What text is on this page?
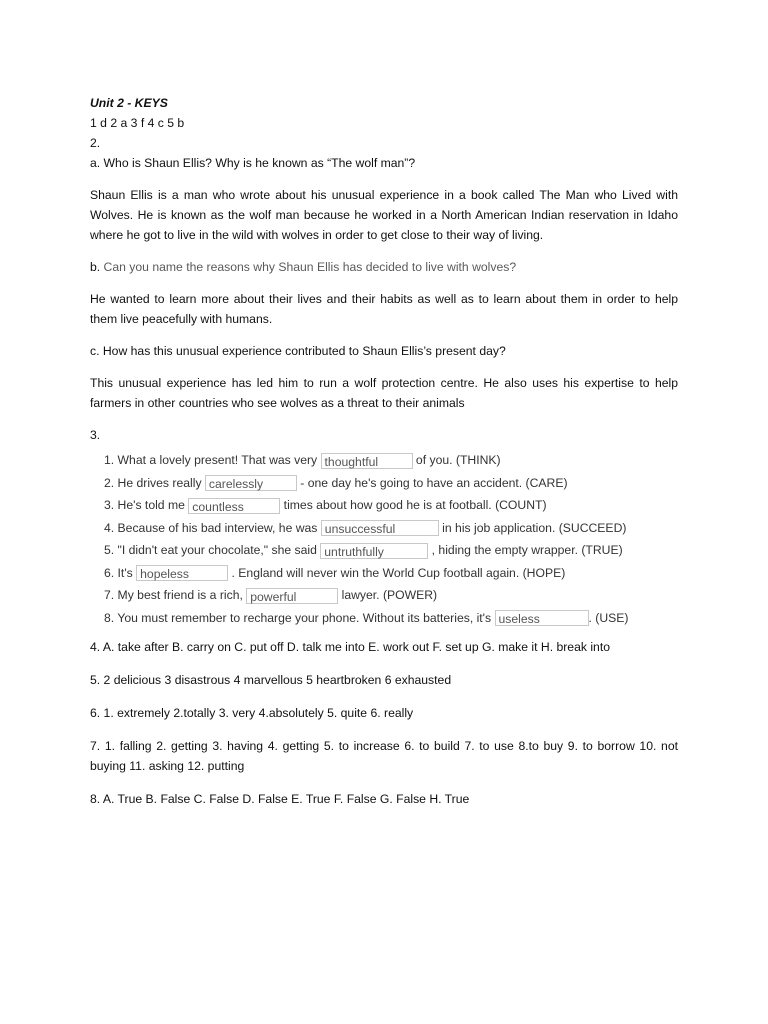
Unit 2 - KEYS

1 d 2 a 3 f 4 c 5 b

2.

a. Who is Shaun Ellis? Why is he known as “The wolf man”?

Shaun Ellis is a man who wrote about his unusual experience in a book called The Man who Lived with Wolves. He is known as the wolf man because he worked in a North American Indian reservation in Idaho where he got to live in the wild with wolves in order to get close to their way of living.

b. Can you name the reasons why Shaun Ellis has decided to live with wolves?

He wanted to learn more about their lives and their habits as well as to learn about them in order to help them live peacefully with humans.

c. How has this unusual experience contributed to Shaun Ellis’s present day?

This unusual experience has led him to run a wolf protection centre. He also uses his expertise to help farmers in other countries who see wolves as a threat to their animals

3.

1. What a lovely present! That was very thoughtful	of you. (THINK)
2. He drives really carelessly	- one day he's going to have an accident. (CARE)
3. He's told me countless	times about how good he is at football. (COUNT)
4. Because of his bad interview, he was unsuccessful	in his job application. (SUCCEED)
5. "I didn't eat your chocolate," she said untruthfully	, hiding the empty wrapper. (TRUE)
6. It's hopeless	. England will never win the World Cup football again. (HOPE)
7. My best friend is a rich, powerful	lawyer. (POWER)
8. You must remember to recharge your phone. Without its batteries, it's useless	. (USE)

4. A. take after B. carry on C. put off D. talk me into E. work out F. set up G. make it H. break into

5. 2 delicious 3 disastrous 4 marvellous 5 heartbroken 6 exhausted

6. 1. extremely 2.totally 3. very 4.absolutely 5. quite 6. really

7. 1. falling 2. getting 3. having 4. getting 5. to increase 6. to build 7. to use 8.to buy 9. to borrow 10. not buying 11. asking 12. putting

8. A. True B. False C. False D. False E. True F. False G. False H. True
